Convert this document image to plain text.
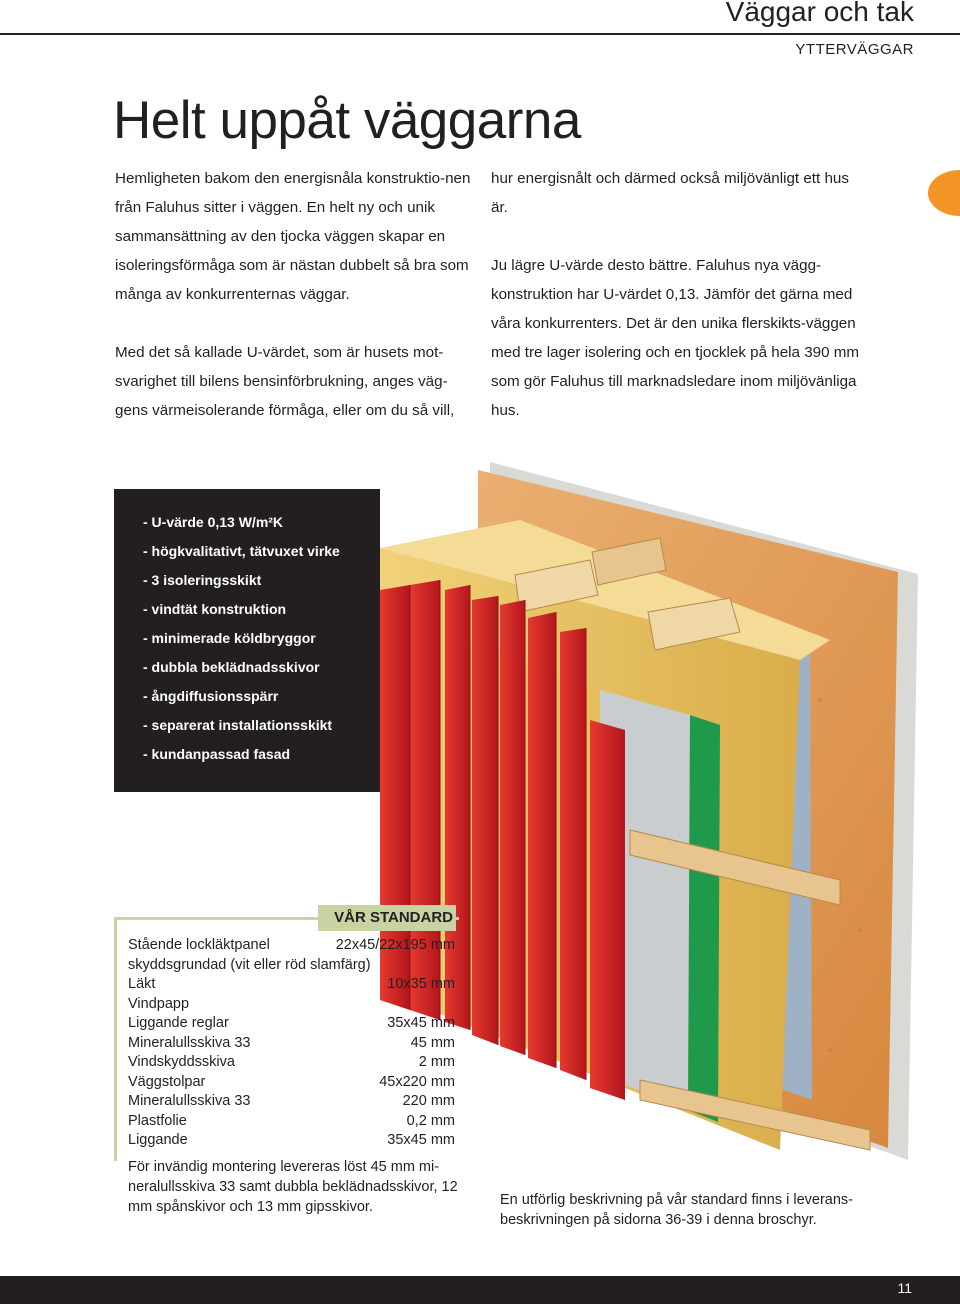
Väggar och tak
YTTERVÄGGAR
Helt uppåt väggarna

Hemligheten bakom den energisnåla konstruktio-nen från Faluhus sitter i väggen. En helt ny och unik sammansättning av den tjocka väggen skapar en isoleringsförmåga som är nästan dubbelt så bra som många av konkurrenternas väggar.

Med det så kallade U-värdet, som är husets mot-svarighet till bilens bensinförbrukning, anges väg-gens värmeisolerande förmåga, eller om du så vill,

hur energisnålt och därmed också miljövänligt ett hus är.

Ju lägre U-värde desto bättre. Faluhus nya vägg-konstruktion har U-värdet 0,13. Jämför det gärna med våra konkurrenters. Det är den unika flerskikts-väggen med tre lager isolering och en tjocklek på hela 390 mm som gör Faluhus till marknadsledare inom miljövänliga hus.

- U-värde 0,13 W/m²K
- högkvalitativt, tätvuxet virke
- 3 isoleringsskikt
- vindtät konstruktion
- minimerade köldbryggor
- dubbla beklädnadsskivor
- ångdiffusionsspärr
- separerat installationsskikt
- kundanpassad fasad
VÅR STANDARD
Stående lockläktpanel	22x45/22x195 mm
skyddsgrundad (vit eller röd slamfärg)
Läkt	10x35 mm
Vindpapp
Liggande reglar	35x45 mm
Mineralullsskiva 33	45 mm
Vindskyddsskiva	2 mm
Väggstolpar	45x220 mm
Mineralullsskiva 33	220 mm
Plastfolie	0,2 mm
Liggande	35x45 mm

För invändig montering levereras löst 45 mm mi-neralullsskiva 33 samt dubbla beklädnadsskivor, 12 mm spånskivor och 13 mm gipsskivor.	En utförlig beskrivning på vår standard finns i leverans-beskrivningen på sidorna 36-39 i denna broschyr.

11
